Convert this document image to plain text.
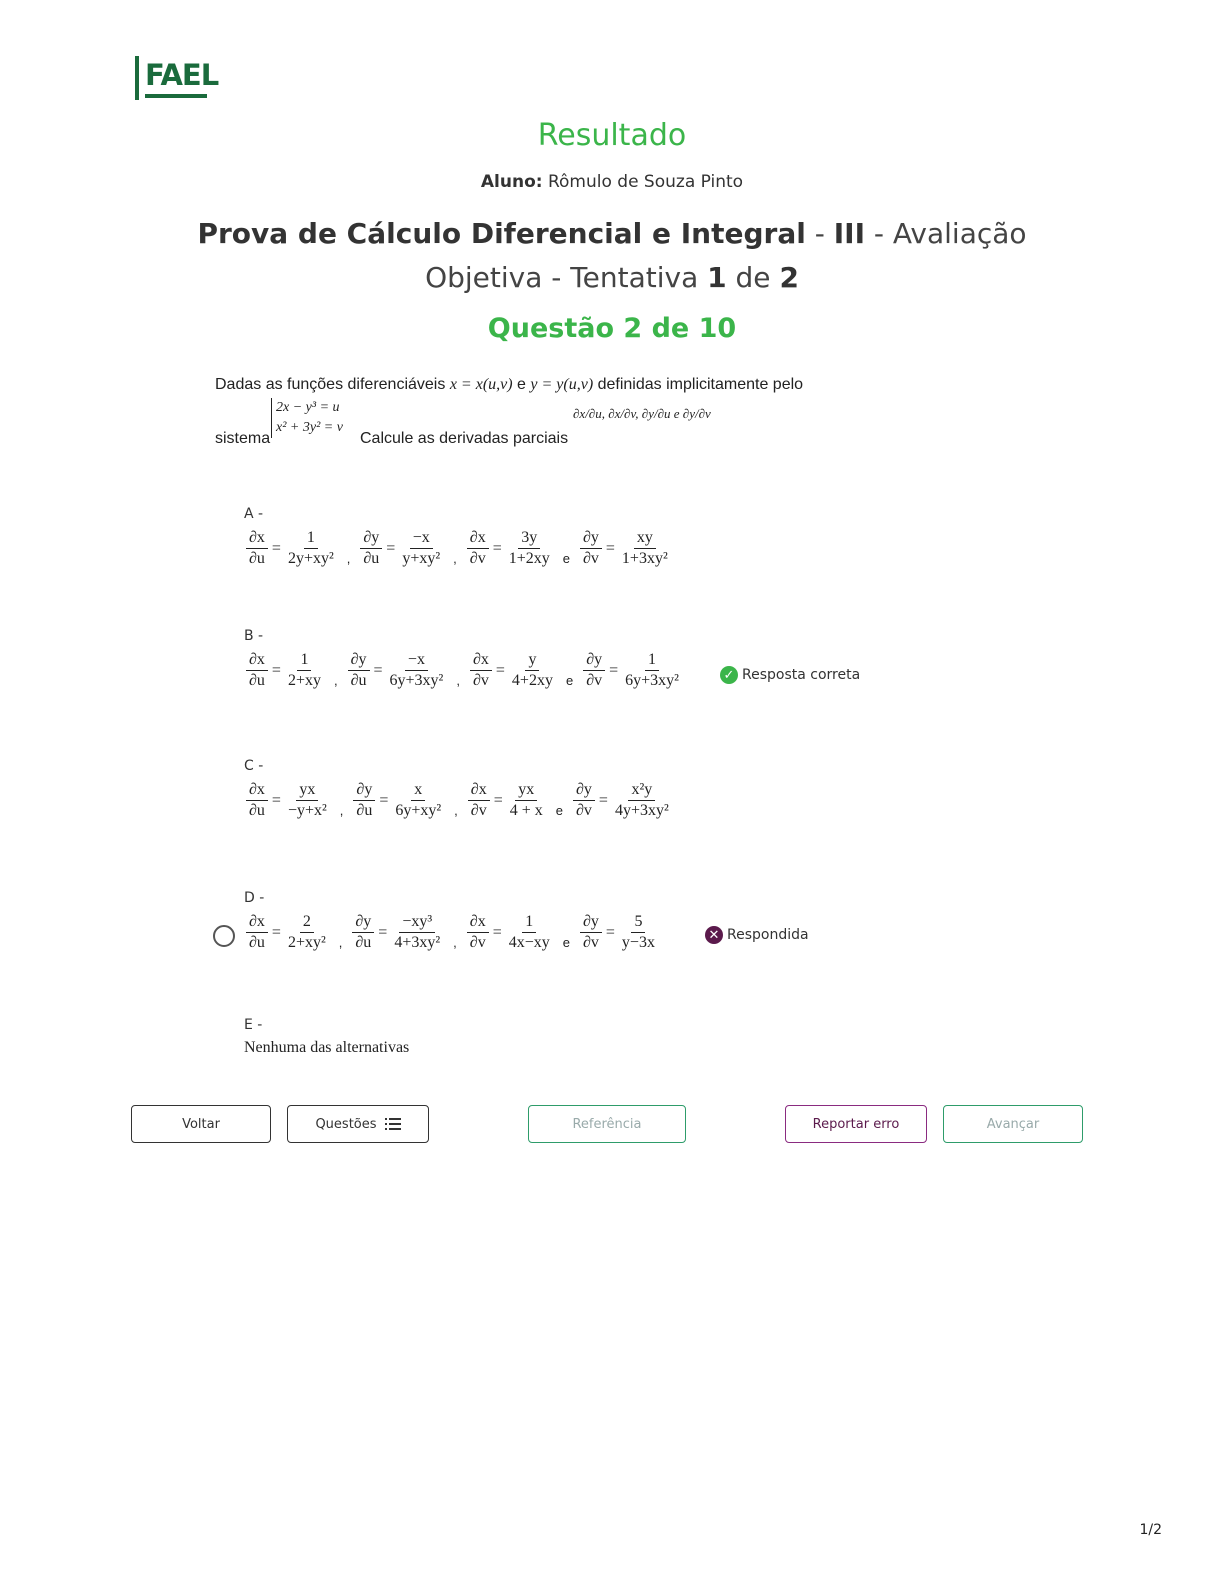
FAEL
Resultado
Aluno: Rômulo de Souza Pinto
Prova de Cálculo Diferencial e Integral - III - Avaliação
Objetiva - Tentativa 1 de 2
Questão 2 de 10
Dadas as funções diferenciáveis x = x(u,v) e y = y(u,v) definidas implicitamente pelo
sistema
2x − y³ = u
x² + 3y² = v
Calcule as derivadas parciais
∂x/∂u, ∂x/∂v, ∂y/∂u e ∂y/∂v
A -
$\frac{\partial x}{\partial u} = \frac{1}{\text{2y+xy²}}$ , $\frac{\partial y}{\partial u} = \frac{-x}{\text{y+xy²}}$ , $\frac{\partial x}{\partial v} = \frac{3y}{1+2xy}$ e $\frac{\partial y}{\partial v} = \frac{xy}{\text{1+3xy²}}$
B -
$\frac{\partial x}{\partial u} = \frac{1}{2+xy}$ , $\frac{\partial y}{\partial u} = \frac{-x}{\text{6y+3xy²}}$ , $\frac{\partial x}{\partial v} = \frac{y}{4+2xy}$ e $\frac{\partial y}{\partial v} = \frac{1}{\text{6y+3xy²}}$	✓ Resposta correta
C -
$\frac{\partial x}{\partial u} = \frac{yx}{\text{−y+x²}}$ , $\frac{\partial y}{\partial u} = \frac{x}{\text{6y+xy²}}$ , $\frac{\partial x}{\partial v} = \frac{yx}{4 + x}$ e $\frac{\partial y}{\partial v} = \frac{\text{x²y}}{\text{4y+3xy²}}$
D -
$\frac{\partial x}{\partial u} = \frac{2}{\text{2+xy²}}$ , $\frac{\partial y}{\partial u} = \frac{\text{−xy³}}{\text{4+3xy²}}$ , $\frac{\partial x}{\partial v} = \frac{1}{4x-xy}$ e $\frac{\partial y}{\partial v} = \frac{5}{y-3x}$	✕ Respondida
E -
Nenhuma das alternativas
Voltar	Questões	Referência	Reportar erro	Avançar
1/2
